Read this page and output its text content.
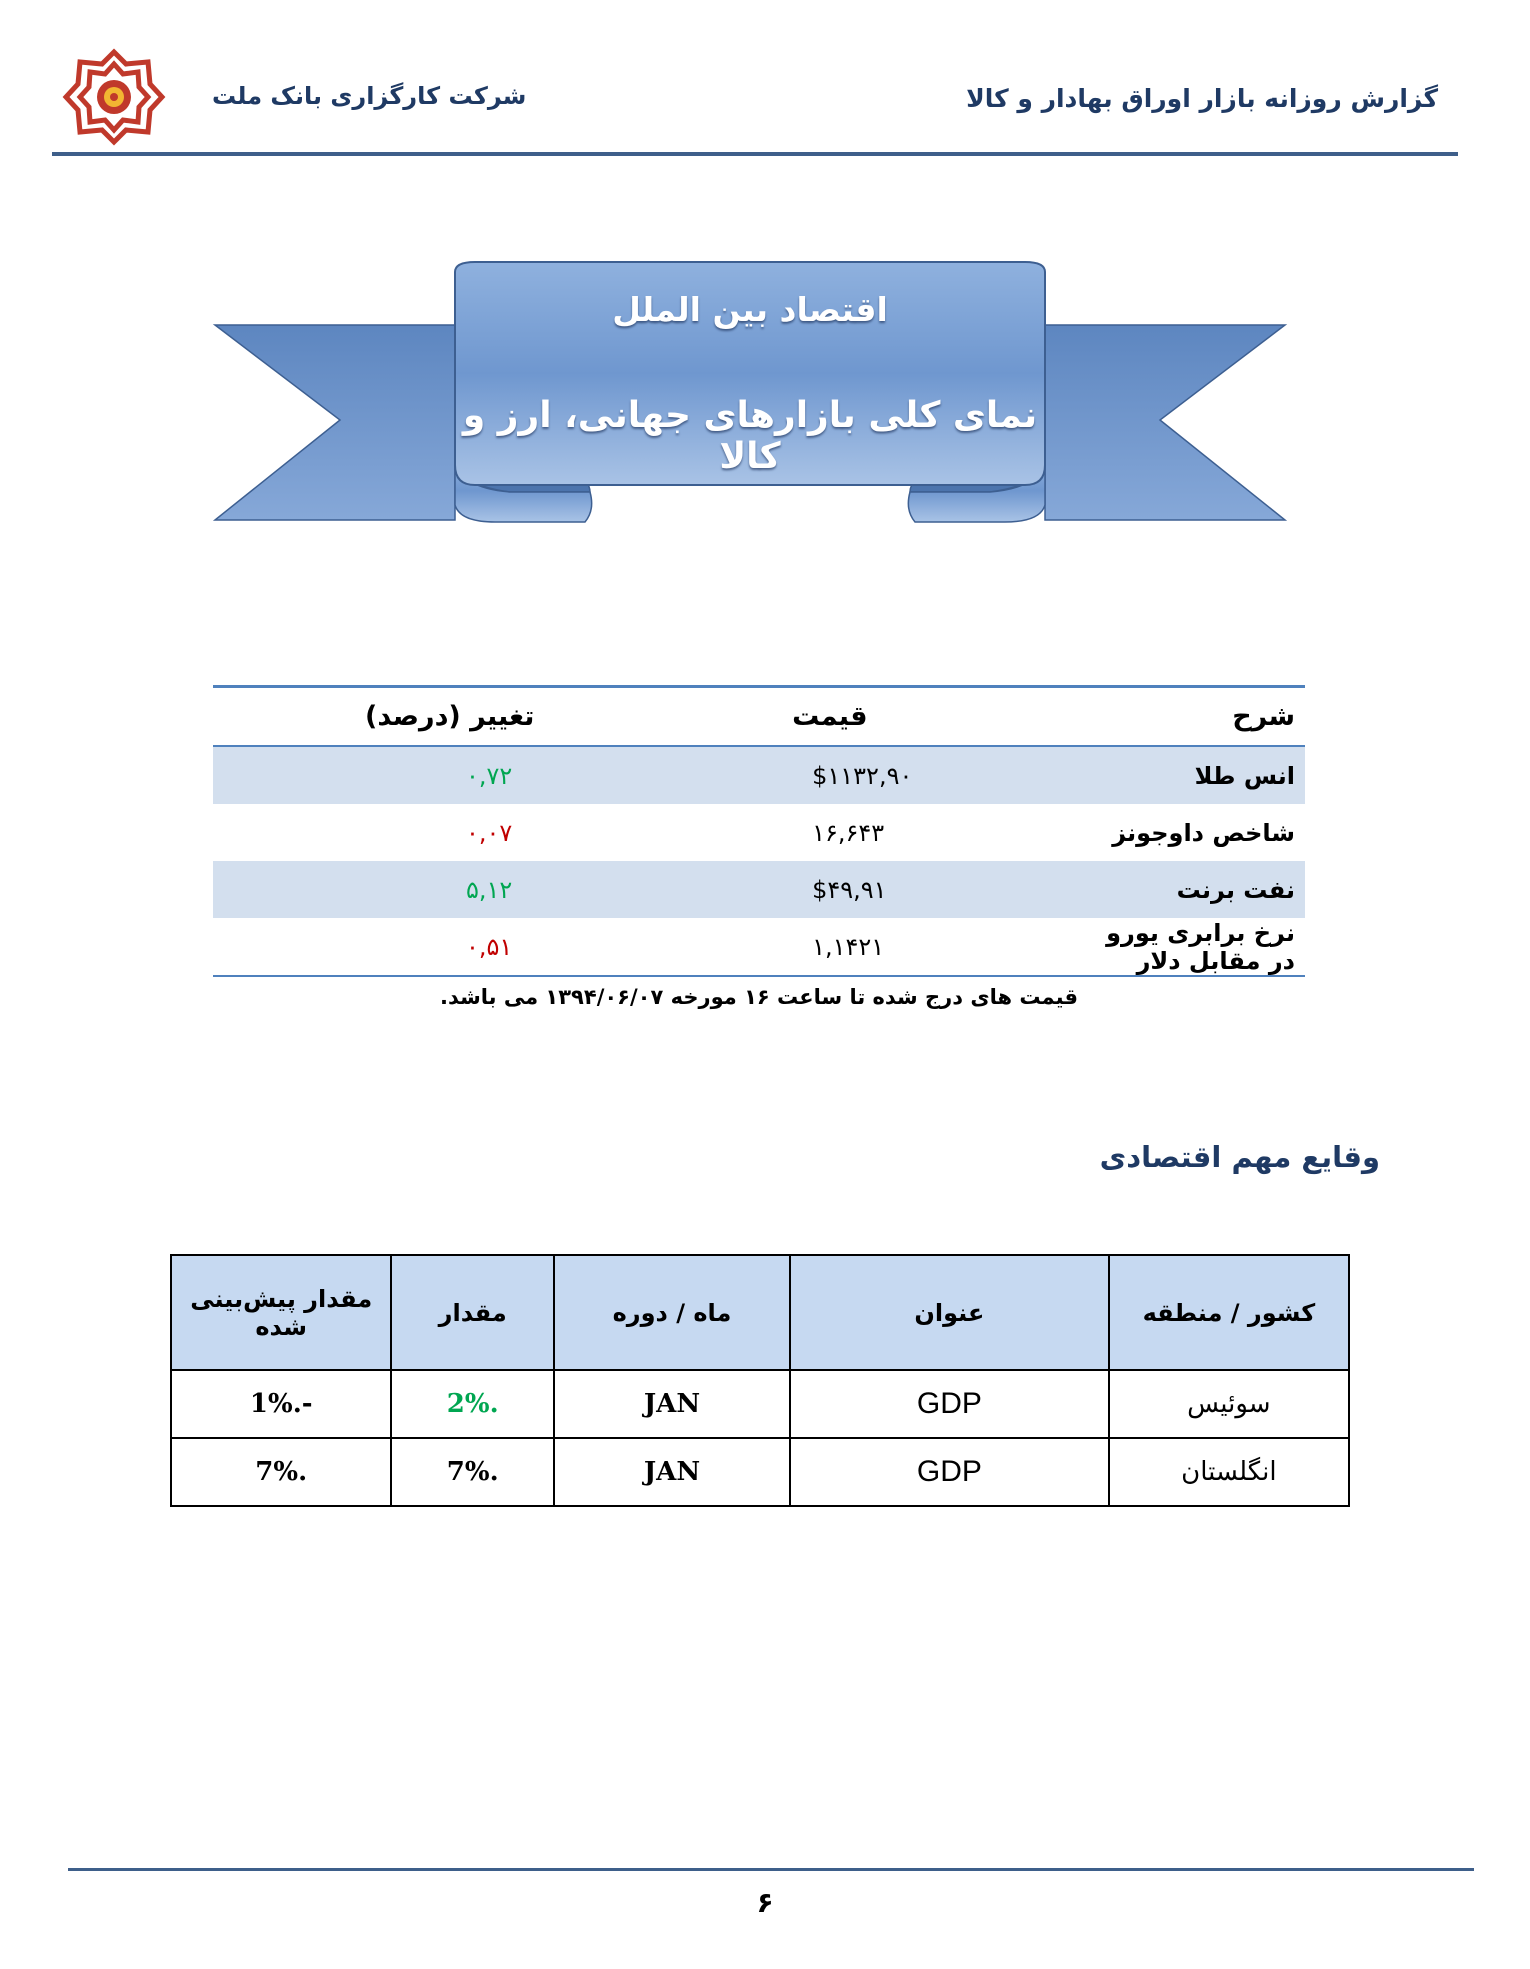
شرکت کارگزاری بانک ملت	گزارش روزانه بازار اوراق بهادار و کالا
اقتصاد بین الملل
نمای کلی بازارهای جهانی، ارز و کالا
شرح	قیمت	تغییر (درصد)
انس طلا	$۱۱۳۲,۹۰	۰,۷۲
شاخص داوجونز	۱۶,۶۴۳	۰,۰۷
نفت برنت	$۴۹,۹۱	۵,۱۲
نرخ برابری یورو در مقابل دلار	۱,۱۴۲۱	۰,۵۱
قیمت های درج شده تا ساعت ۱۶ مورخه ۱۳۹۴/۰۶/۰۷ می باشد.
وقایع مهم اقتصادی
کشور / منطقه	عنوان	ماه / دوره	مقدار	مقدار پیش‌بینی شده
سوئیس	GDP	JAN	.2%	-.1%
انگلستان	GDP	JAN	.7%	.7%
۶
